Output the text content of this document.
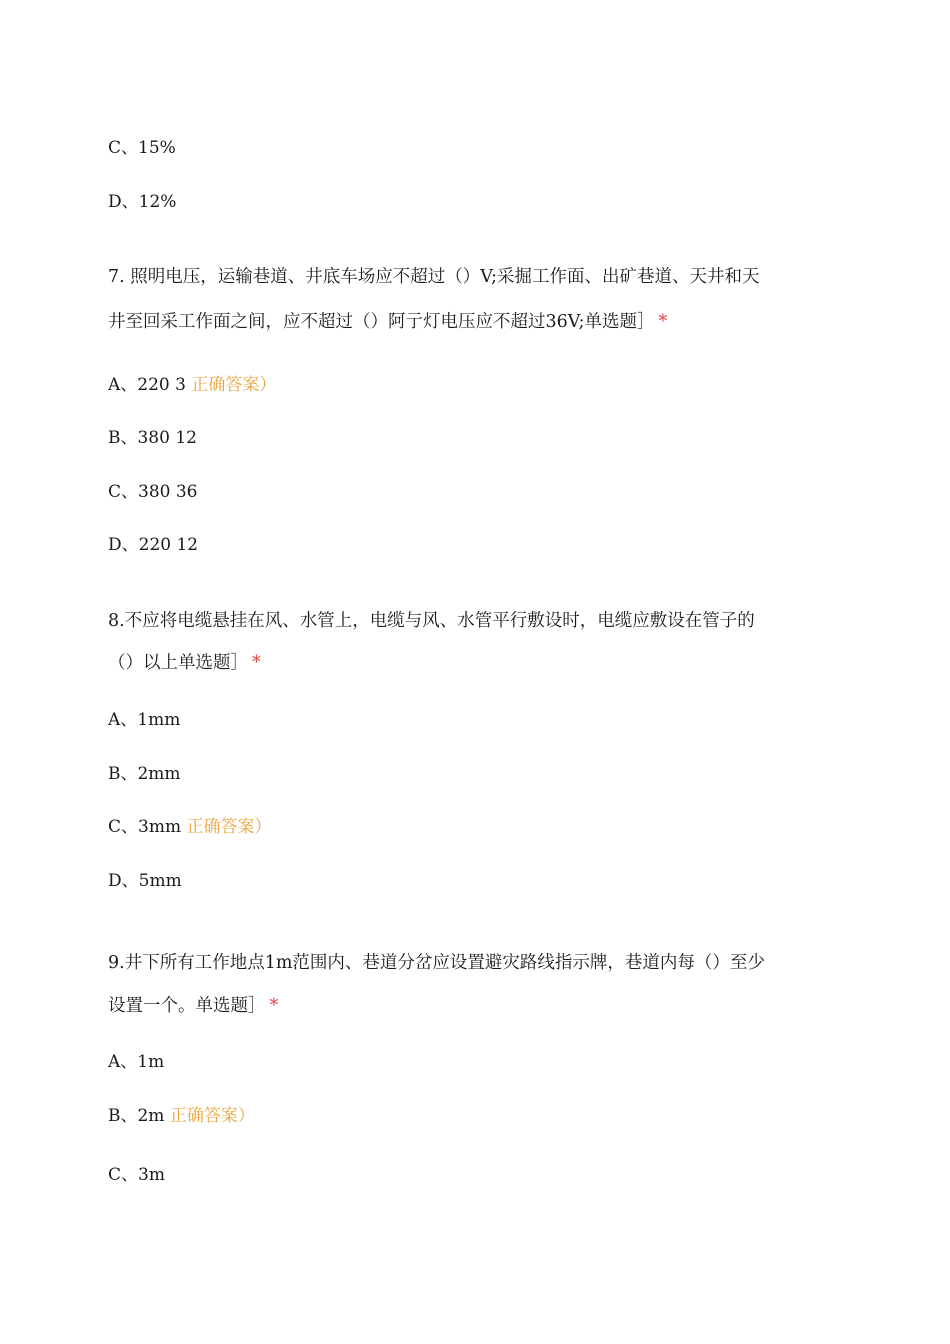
C、15%
D、12%
7. 照明电压，运输巷道、井底车场应不超过（）V;采掘工作面、出矿巷道、天井和天
井至回采工作面之间，应不超过（）阿亍灯电压应不超过36V;单选题］ *
A、220 3 正确答案）
B、380 12
C、380 36
D、220 12
8.不应将电缆悬挂在风、水管上，电缆与风、水管平行敷设时，电缆应敷设在管子的
（）以上单选题］ *
A、1mm
B、2mm
C、3mm 正确答案）
D、5mm
9.井下所有工作地点1m范围内、巷道分岔应设置避灾路线指示牌，巷道内每（）至少
设置一个。单选题］ *
A、1m
B、2m 正确答案）
C、3m
